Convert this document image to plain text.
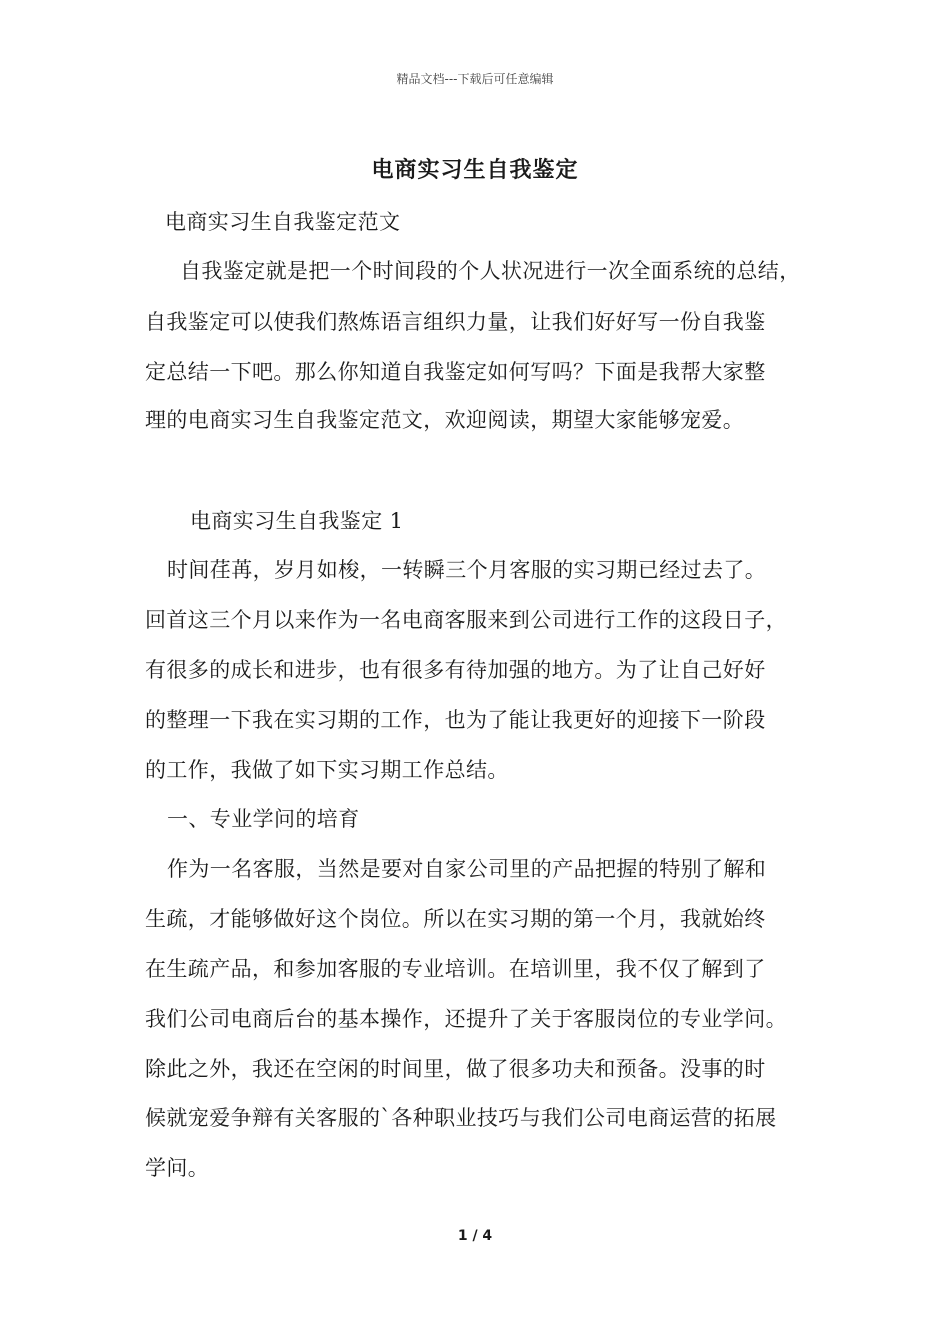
精品文档---下载后可任意编辑
电商实习生自我鉴定
电商实习生自我鉴定范文
自我鉴定就是把一个时间段的个人状况进行一次全面系统的总结，
自我鉴定可以使我们熬炼语言组织力量，让我们好好写一份自我鉴
定总结一下吧。那么你知道自我鉴定如何写吗？下面是我帮大家整
理的电商实习生自我鉴定范文，欢迎阅读，期望大家能够宠爱。
电商实习生自我鉴定 1
时间荏苒，岁月如梭，一转瞬三个月客服的实习期已经过去了。
回首这三个月以来作为一名电商客服来到公司进行工作的这段日子，
有很多的成长和进步，也有很多有待加强的地方。为了让自己好好
的整理一下我在实习期的工作，也为了能让我更好的迎接下一阶段
的工作，我做了如下实习期工作总结。
一、专业学问的培育
作为一名客服，当然是要对自家公司里的产品把握的特别了解和
生疏，才能够做好这个岗位。所以在实习期的第一个月，我就始终
在生疏产品，和参加客服的专业培训。在培训里，我不仅了解到了
我们公司电商后台的基本操作，还提升了关于客服岗位的专业学问。
除此之外，我还在空闲的时间里，做了很多功夫和预备。没事的时
候就宠爱争辩有关客服的`各种职业技巧与我们公司电商运营的拓展
学问。
1 / 4
